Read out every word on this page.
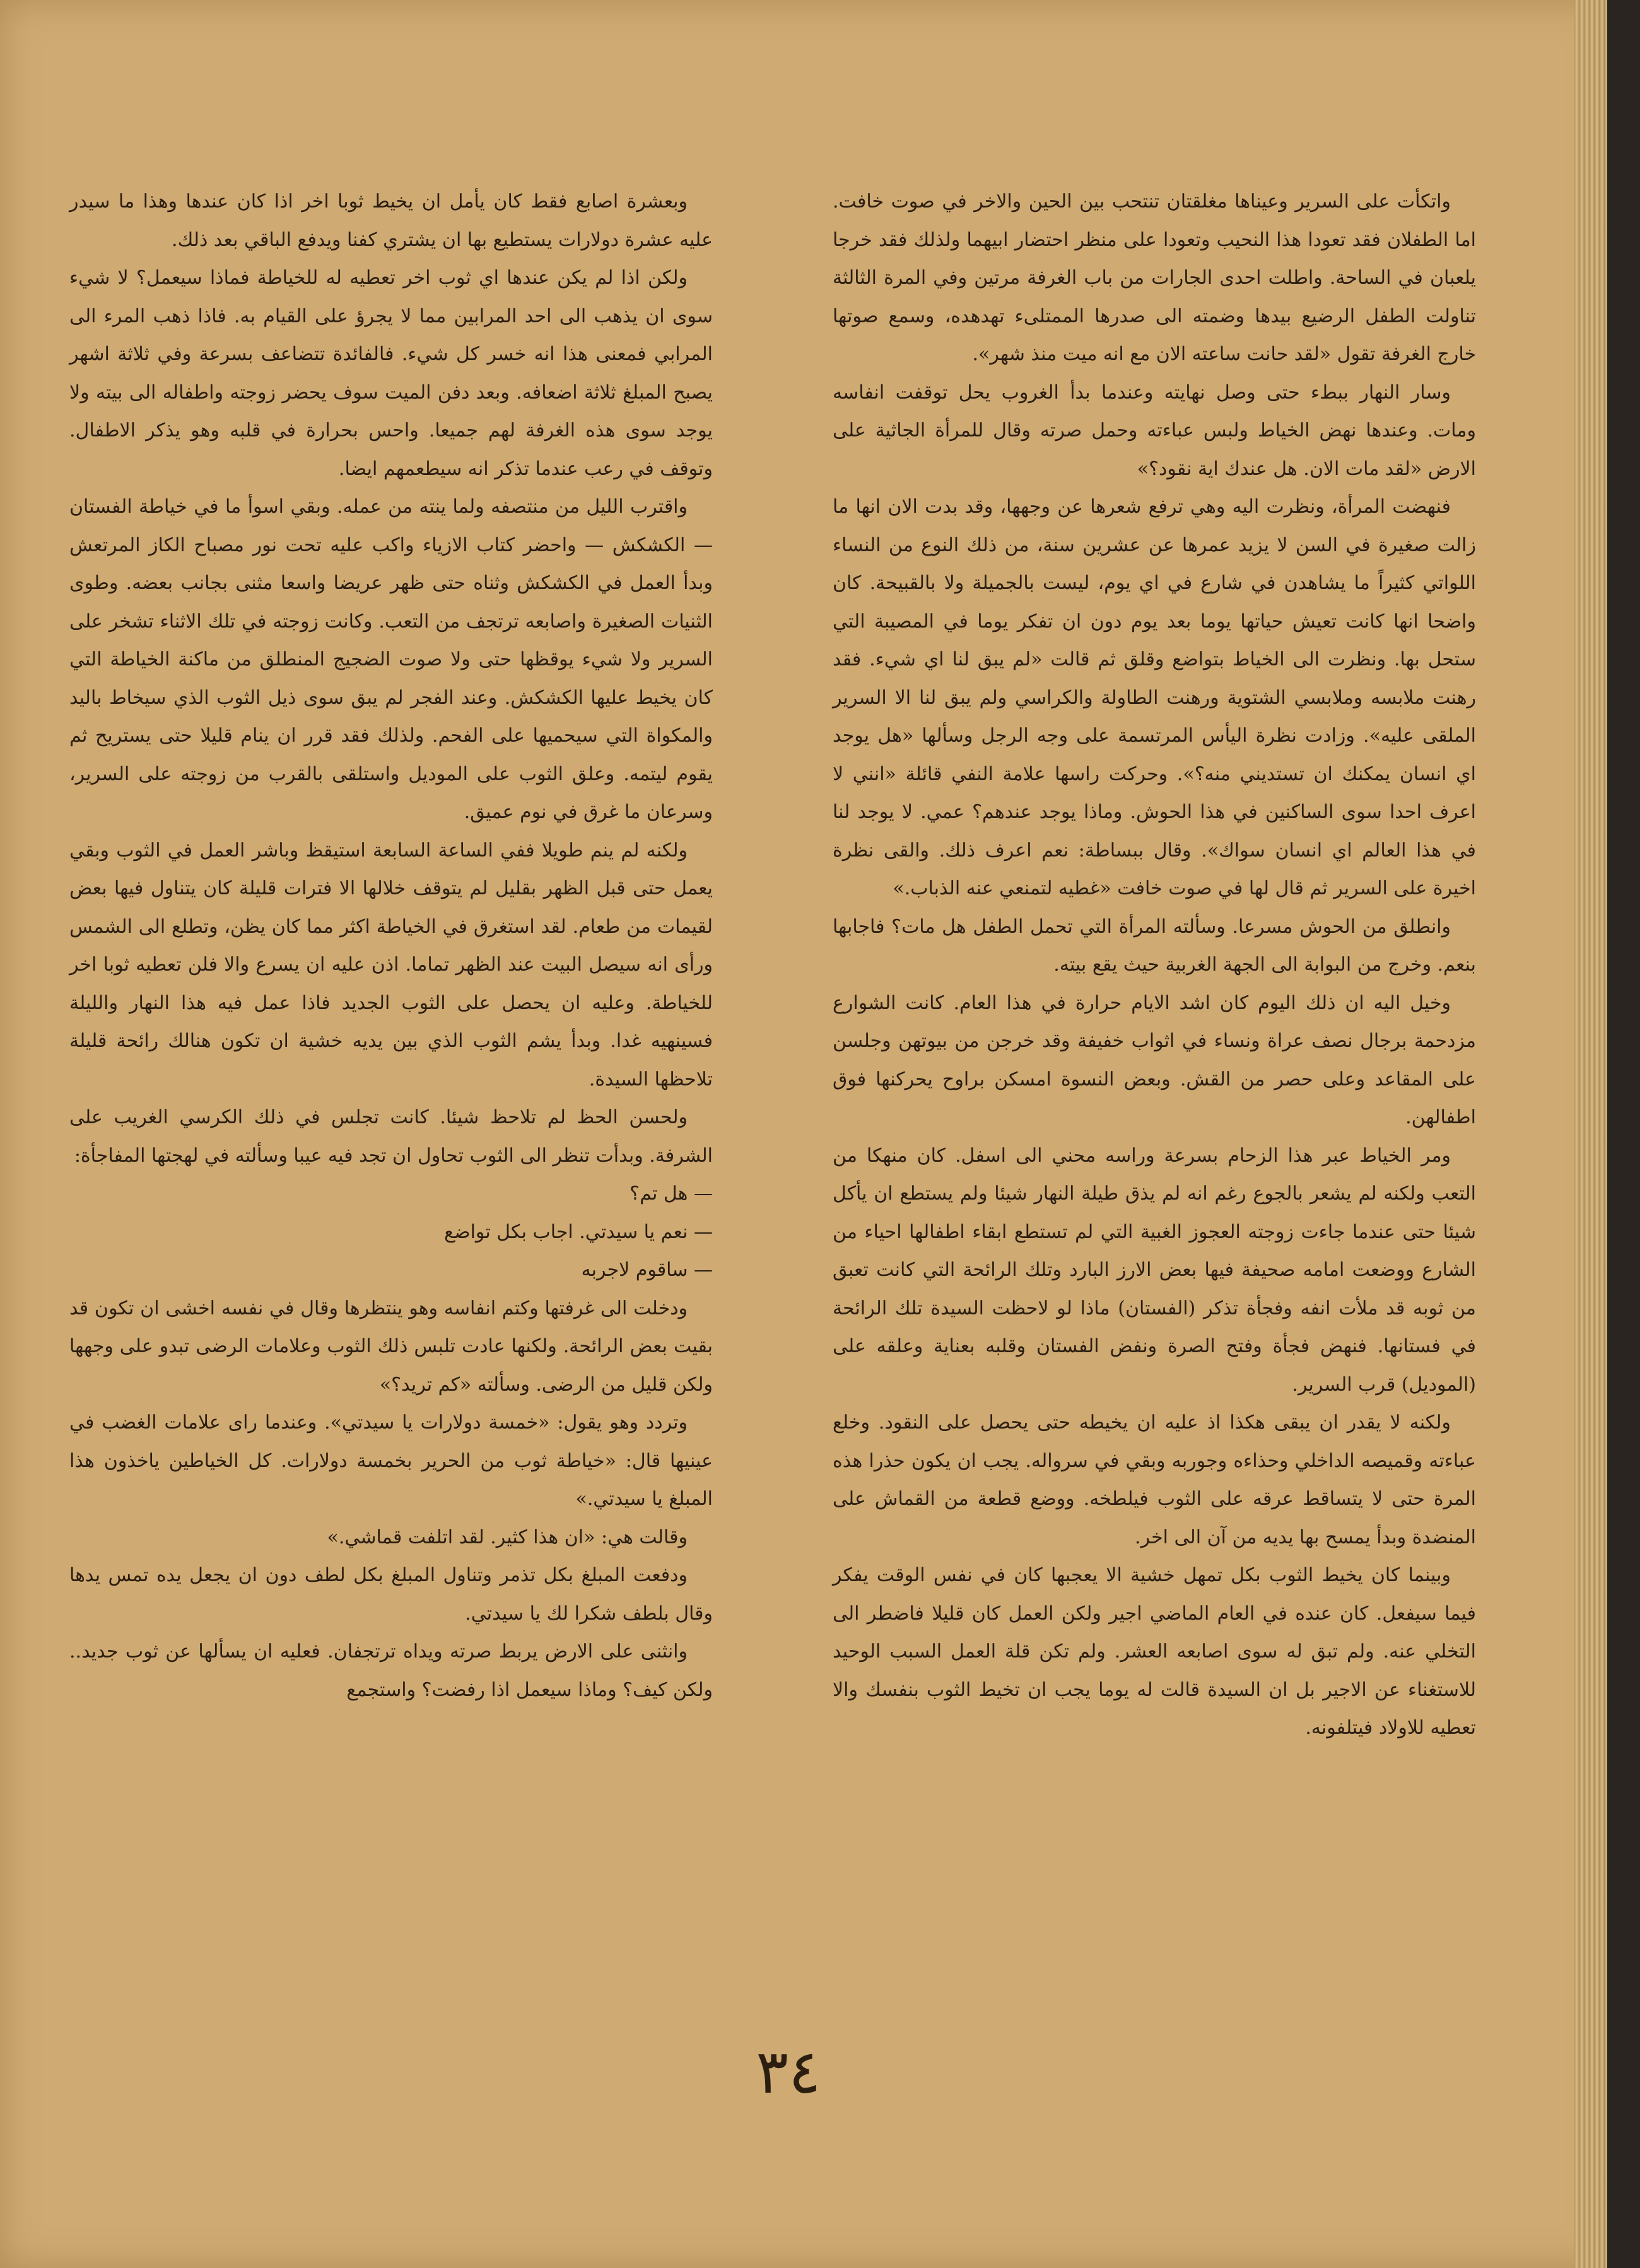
واتكأت على السرير وعيناها مغلقتان تنتحب بين الحين والاخر في صوت خافت. اما الطفلان فقد تعودا هذا النحيب وتعودا على منظر احتضار ابيهما ولذلك فقد خرجا يلعبان في الساحة. واطلت احدى الجارات من باب الغرفة مرتين وفي المرة الثالثة تناولت الطفل الرضيع بيدها وضمته الى صدرها الممتلىء تهدهده، وسمع صوتها خارج الغرفة تقول «لقد حانت ساعته الان مع انه ميت منذ شهر».

وسار النهار ببطء حتى وصل نهايته وعندما بدأ الغروب يحل توقفت انفاسه ومات. وعندها نهض الخياط ولبس عباءته وحمل صرته وقال للمرأة الجاثية على الارض «لقد مات الان. هل عندك اية نقود؟»

فنهضت المرأة، ونظرت اليه وهي ترفع شعرها عن وجهها، وقد بدت الان انها ما زالت صغيرة في السن لا يزيد عمرها عن عشرين سنة، من ذلك النوع من النساء اللواتي كثيراً ما يشاهدن في شارع في اي يوم، ليست بالجميلة ولا بالقبيحة. كان واضحا انها كانت تعيش حياتها يوما بعد يوم دون ان تفكر يوما في المصيبة التي ستحل بها. ونظرت الى الخياط بتواضع وقلق ثم قالت «لم يبق لنا اي شيء. فقد رهنت ملابسه وملابسي الشتوية ورهنت الطاولة والكراسي ولم يبق لنا الا السرير الملقى عليه». وزادت نظرة اليأس المرتسمة على وجه الرجل وسألها «هل يوجد اي انسان يمكنك ان تستديني منه؟». وحركت راسها علامة النفي قائلة «انني لا اعرف احدا سوى الساكنين في هذا الحوش. وماذا يوجد عندهم؟ عمي. لا يوجد لنا في هذا العالم اي انسان سواك». وقال ببساطة: نعم اعرف ذلك. والقى نظرة اخيرة على السرير ثم قال لها في صوت خافت «غطيه لتمنعي عنه الذباب.»

وانطلق من الحوش مسرعا. وسألته المرأة التي تحمل الطفل هل مات؟ فاجابها بنعم. وخرج من البوابة الى الجهة الغربية حيث يقع بيته.

وخيل اليه ان ذلك اليوم كان اشد الايام حرارة في هذا العام. كانت الشوارع مزدحمة برجال نصف عراة ونساء في اثواب خفيفة وقد خرجن من بيوتهن وجلسن على المقاعد وعلى حصر من القش. وبعض النسوة امسكن براوح يحركنها فوق اطفالهن.

ومر الخياط عبر هذا الزحام بسرعة وراسه محني الى اسفل. كان منهكا من التعب ولكنه لم يشعر بالجوع رغم انه لم يذق طيلة النهار شيئا ولم يستطع ان يأكل شيئا حتى عندما جاءت زوجته العجوز الغبية التي لم تستطع ابقاء اطفالها احياء من الشارع ووضعت امامه صحيفة فيها بعض الارز البارد وتلك الرائحة التي كانت تعبق من ثوبه قد ملأت انفه وفجأة تذكر (الفستان) ماذا لو لاحظت السيدة تلك الرائحة في فستانها. فنهض فجأة وفتح الصرة ونفض الفستان وقلبه بعناية وعلقه على (الموديل) قرب السرير.

ولكنه لا يقدر ان يبقى هكذا اذ عليه ان يخيطه حتى يحصل على النقود. وخلع عباءته وقميصه الداخلي وحذاءه وجوربه وبقي في سرواله. يجب ان يكون حذرا هذه المرة حتى لا يتساقط عرقه على الثوب فيلطخه. ووضع قطعة من القماش على المنضدة وبدأ يمسح بها يديه من آن الى اخر.

وبينما كان يخيط الثوب بكل تمهل خشية الا يعجبها كان في نفس الوقت يفكر فيما سيفعل. كان عنده في العام الماضي اجير ولكن العمل كان قليلا فاضطر الى التخلي عنه. ولم تبق له سوى اصابعه العشر. ولم تكن قلة العمل السبب الوحيد للاستغناء عن الاجير بل ان السيدة قالت له يوما يجب ان تخيط الثوب بنفسك والا تعطيه للاولاد فيتلفونه.

وبعشرة اصابع فقط كان يأمل ان يخيط ثوبا اخر اذا كان عندها وهذا ما سيدر عليه عشرة دولارات يستطيع بها ان يشتري كفنا ويدفع الباقي بعد ذلك.

ولكن اذا لم يكن عندها اي ثوب اخر تعطيه له للخياطة فماذا سيعمل؟ لا شيء سوى ان يذهب الى احد المرابين مما لا يجرؤ على القيام به. فاذا ذهب المرء الى المرابي فمعنى هذا انه خسر كل شيء. فالفائدة تتضاعف بسرعة وفي ثلاثة اشهر يصبح المبلغ ثلاثة اضعافه. وبعد دفن الميت سوف يحضر زوجته واطفاله الى بيته ولا يوجد سوى هذه الغرفة لهم جميعا. واحس بحرارة في قلبه وهو يذكر الاطفال. وتوقف في رعب عندما تذكر انه سيطعمهم ايضا.

واقترب الليل من منتصفه ولما ينته من عمله. وبقي اسوأ ما في خياطة الفستان — الكشكش — واحضر كتاب الازياء واكب عليه تحت نور مصباح الكاز المرتعش وبدأ العمل في الكشكش وثناه حتى ظهر عريضا واسعا مثنى بجانب بعضه. وطوى الثنيات الصغيرة واصابعه ترتجف من التعب. وكانت زوجته في تلك الاثناء تشخر على السرير ولا شيء يوقظها حتى ولا صوت الضجيج المنطلق من ماكنة الخياطة التي كان يخيط عليها الكشكش. وعند الفجر لم يبق سوى ذيل الثوب الذي سيخاط باليد والمكواة التي سيحميها على الفحم. ولذلك فقد قرر ان ينام قليلا حتى يستريح ثم يقوم ليتمه. وعلق الثوب على الموديل واستلقى بالقرب من زوجته على السرير، وسرعان ما غرق في نوم عميق.

ولكنه لم ينم طويلا ففي الساعة السابعة استيقظ وباشر العمل في الثوب وبقي يعمل حتى قبل الظهر بقليل لم يتوقف خلالها الا فترات قليلة كان يتناول فيها بعض لقيمات من طعام. لقد استغرق في الخياطة اكثر مما كان يظن، وتطلع الى الشمس ورأى انه سيصل البيت عند الظهر تماما. اذن عليه ان يسرع والا فلن تعطيه ثوبا اخر للخياطة. وعليه ان يحصل على الثوب الجديد فاذا عمل فيه هذا النهار والليلة فسينهيه غدا. وبدأ يشم الثوب الذي بين يديه خشية ان تكون هنالك رائحة قليلة تلاحظها السيدة.

ولحسن الحظ لم تلاحظ شيئا. كانت تجلس في ذلك الكرسي الغريب على الشرفة. وبدأت تنظر الى الثوب تحاول ان تجد فيه عيبا وسألته في لهجتها المفاجأة:

— هل تم؟

— نعم يا سيدتي. اجاب بكل تواضع

— ساقوم لاجربه

ودخلت الى غرفتها وكتم انفاسه وهو ينتظرها وقال في نفسه اخشى ان تكون قد بقيت بعض الرائحة. ولكنها عادت تلبس ذلك الثوب وعلامات الرضى تبدو على وجهها ولكن قليل من الرضى. وسألته «كم تريد؟»

وتردد وهو يقول: «خمسة دولارات يا سيدتي». وعندما راى علامات الغضب في عينيها قال: «خياطة ثوب من الحرير بخمسة دولارات. كل الخياطين ياخذون هذا المبلغ يا سيدتي.»

وقالت هي: «ان هذا كثير. لقد اتلفت قماشي.»

ودفعت المبلغ بكل تذمر وتناول المبلغ بكل لطف دون ان يجعل يده تمس يدها وقال بلطف شكرا لك يا سيدتي.

وانثنى على الارض يربط صرته ويداه ترتجفان. فعليه ان يسألها عن ثوب جديد.. ولكن كيف؟ وماذا سيعمل اذا رفضت؟ واستجمع

٣٤
